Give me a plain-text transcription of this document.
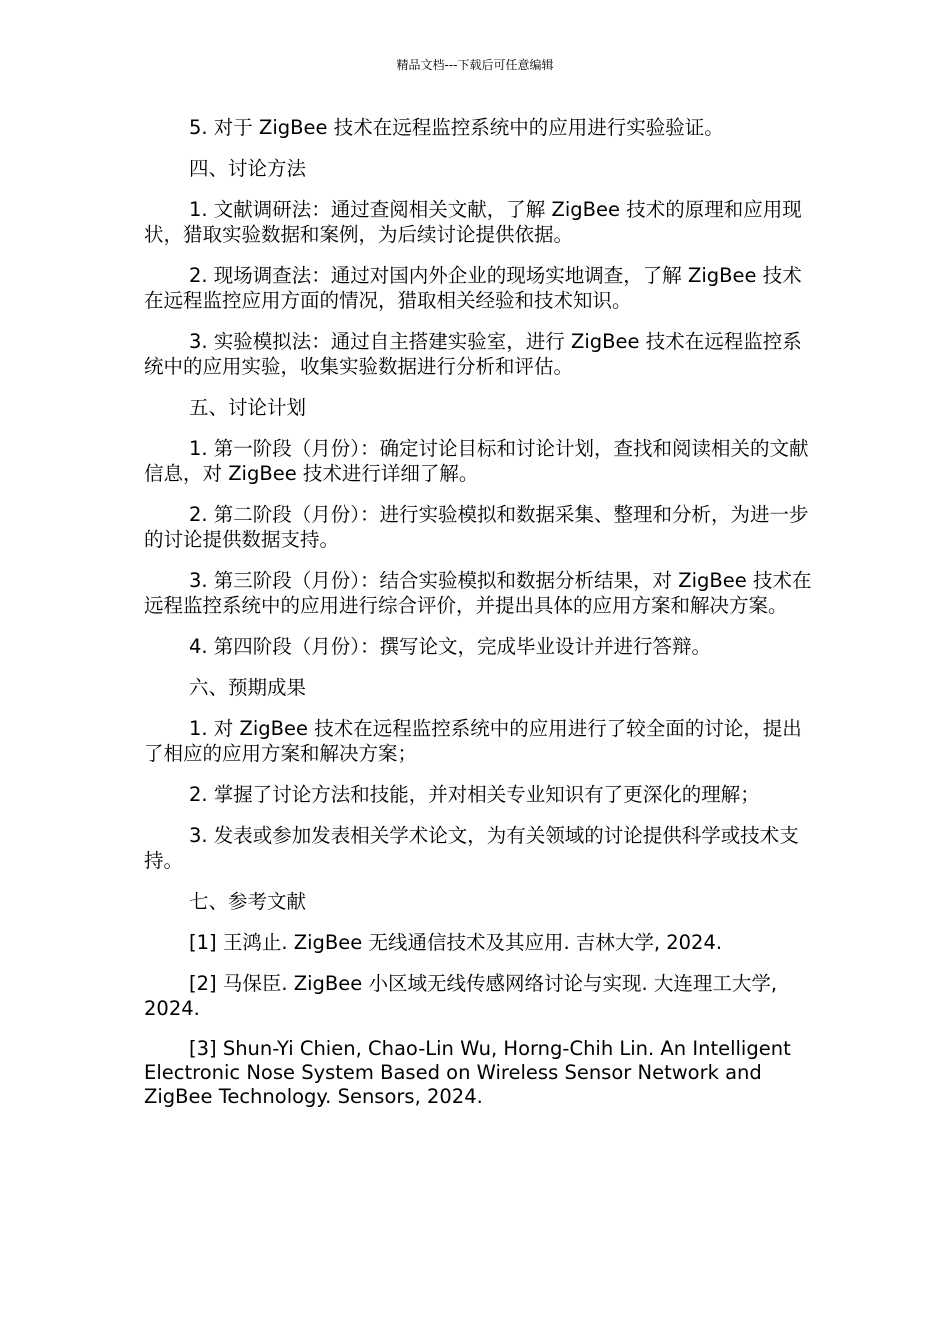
精品文档---下载后可任意编辑

5. 对于 ZigBee 技术在远程监控系统中的应用进行实验验证。

四、讨论方法

1. 文献调研法：通过查阅相关文献，了解 ZigBee 技术的原理和应用现状，猎取实验数据和案例，为后续讨论提供依据。

2. 现场调查法：通过对国内外企业的现场实地调查，了解 ZigBee 技术在远程监控应用方面的情况，猎取相关经验和技术知识。

3. 实验模拟法：通过自主搭建实验室，进行 ZigBee 技术在远程监控系统中的应用实验，收集实验数据进行分析和评估。

五、讨论计划

1. 第一阶段（月份）：确定讨论目标和讨论计划，查找和阅读相关的文献信息，对 ZigBee 技术进行详细了解。

2. 第二阶段（月份）：进行实验模拟和数据采集、整理和分析，为进一步的讨论提供数据支持。

3. 第三阶段（月份）：结合实验模拟和数据分析结果，对 ZigBee 技术在远程监控系统中的应用进行综合评价，并提出具体的应用方案和解决方案。

4. 第四阶段（月份）：撰写论文，完成毕业设计并进行答辩。

六、预期成果

1. 对 ZigBee 技术在远程监控系统中的应用进行了较全面的讨论，提出了相应的应用方案和解决方案；

2. 掌握了讨论方法和技能，并对相关专业知识有了更深化的理解；

3. 发表或参加发表相关学术论文，为有关领域的讨论提供科学或技术支持。

七、参考文献

[1] 王鸿止. ZigBee 无线通信技术及其应用. 吉林大学, 2024.

[2] 马保臣. ZigBee 小区域无线传感网络讨论与实现. 大连理工大学, 2024.

[3] Shun-Yi Chien, Chao-Lin Wu, Horng-Chih Lin. An Intelligent Electronic Nose System Based on Wireless Sensor Network and ZigBee Technology. Sensors, 2024.
